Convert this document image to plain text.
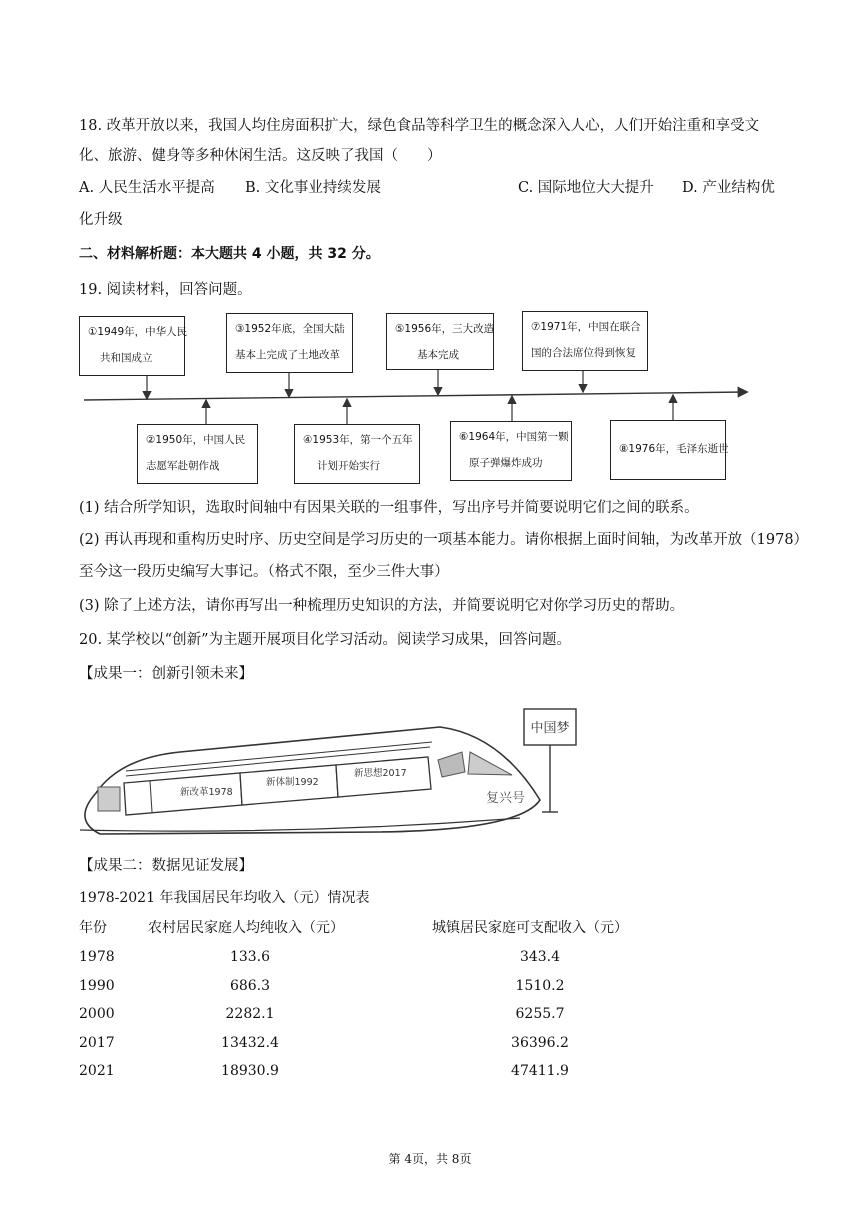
18. 改革开放以来，我国人均住房面积扩大，绿色食品等科学卫生的概念深入人心，人们开始注重和享受文
化、旅游、健身等多种休闲生活。这反映了我国（　　）
A. 人民生活水平提高 B. 文化事业持续发展	C. 国际地位大大提升 D. 产业结构优
化升级
二、材料解析题：本大题共 4 小题，共 32 分。
19. 阅读材料，回答问题。
①1949年，中华人民
共和国成立
③1952年底，全国大陆
基本上完成了土地改革
⑤1956年，三大改造
基本完成
⑦1971年，中国在联合
国的合法席位得到恢复
②1950年，中国人民
志愿军赴朝作战
④1953年，第一个五年
计划开始实行
⑥1964年，中国第一颗
原子弹爆炸成功
⑧1976年，毛泽东逝世
(1) 结合所学知识，选取时间轴中有因果关联的一组事件，写出序号并简要说明它们之间的联系。
(2) 再认再现和重构历史时序、历史空间是学习历史的一项基本能力。请你根据上面时间轴，为改革开放（1978）
至今这一段历史编写大事记。（格式不限，至少三件大事）
(3) 除了上述方法，请你再写出一种梳理历史知识的方法，并简要说明它对你学习历史的帮助。
20. 某学校以“创新”为主题开展项目化学习活动。阅读学习成果，回答问题。
【成果一：创新引领未来】
中国梦
新改革1978
新体制1992
新思想2017
复兴号
【成果二：数据见证发展】
1978-2021 年我国居民年均收入（元）情况表
年份	农村居民家庭人均纯收入（元）	城镇居民家庭可支配收入（元）
1978	133.6	343.4
1990	686.3	1510.2
2000	2282.1	6255.7
2017	13432.4	36396.2
2021	18930.9	47411.9
第 4页，共 8页
